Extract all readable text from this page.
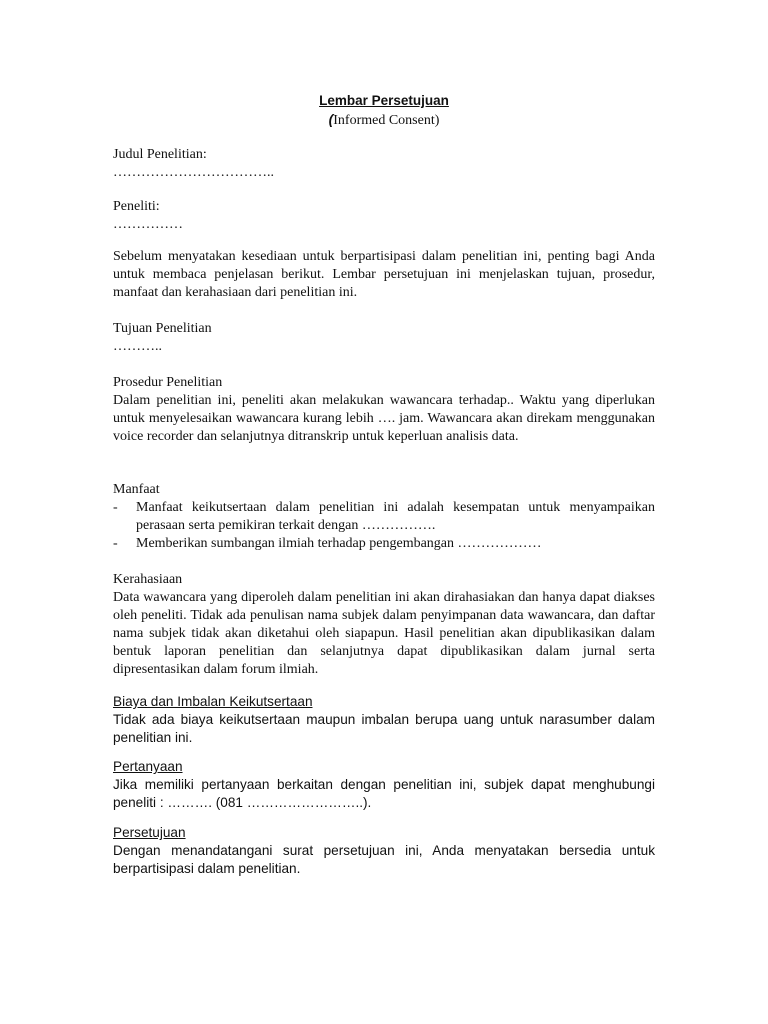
Lembar Persetujuan
(Informed Consent)
Judul Penelitian:
……………………………..
Peneliti:
……………

Sebelum menyatakan kesediaan untuk berpartisipasi dalam penelitian ini, penting bagi Anda untuk membaca penjelasan berikut. Lembar persetujuan ini menjelaskan tujuan, prosedur, manfaat dan kerahasiaan dari penelitian ini.

Tujuan Penelitian
………..
Prosedur Penelitian
Dalam penelitian ini, peneliti akan melakukan wawancara terhadap.. Waktu yang diperlukan untuk menyelesaikan wawancara kurang lebih …. jam. Wawancara akan direkam menggunakan voice recorder dan selanjutnya ditranskrip untuk keperluan analisis data.
Manfaat
- Manfaat keikutsertaan dalam penelitian ini adalah kesempatan untuk menyampaikan perasaan serta pemikiran terkait dengan …………….
- Memberikan sumbangan ilmiah terhadap pengembangan ………………
Kerahasiaan
Data wawancara yang diperoleh dalam penelitian ini akan dirahasiakan dan hanya dapat diakses oleh peneliti. Tidak ada penulisan nama subjek dalam penyimpanan data wawancara, dan daftar nama subjek tidak akan diketahui oleh siapapun. Hasil penelitian akan dipublikasikan dalam bentuk laporan penelitian dan selanjutnya dapat dipublikasikan dalam jurnal serta dipresentasikan dalam forum ilmiah.
Biaya dan Imbalan Keikutsertaan
Tidak ada biaya keikutsertaan maupun imbalan berupa uang untuk narasumber dalam penelitian ini.
Pertanyaan
Jika memiliki pertanyaan berkaitan dengan penelitian ini, subjek dapat menghubungi peneliti : ………. (081 ……………………..).
Persetujuan
Dengan menandatangani surat persetujuan ini, Anda menyatakan bersedia untuk berpartisipasi dalam penelitian.
